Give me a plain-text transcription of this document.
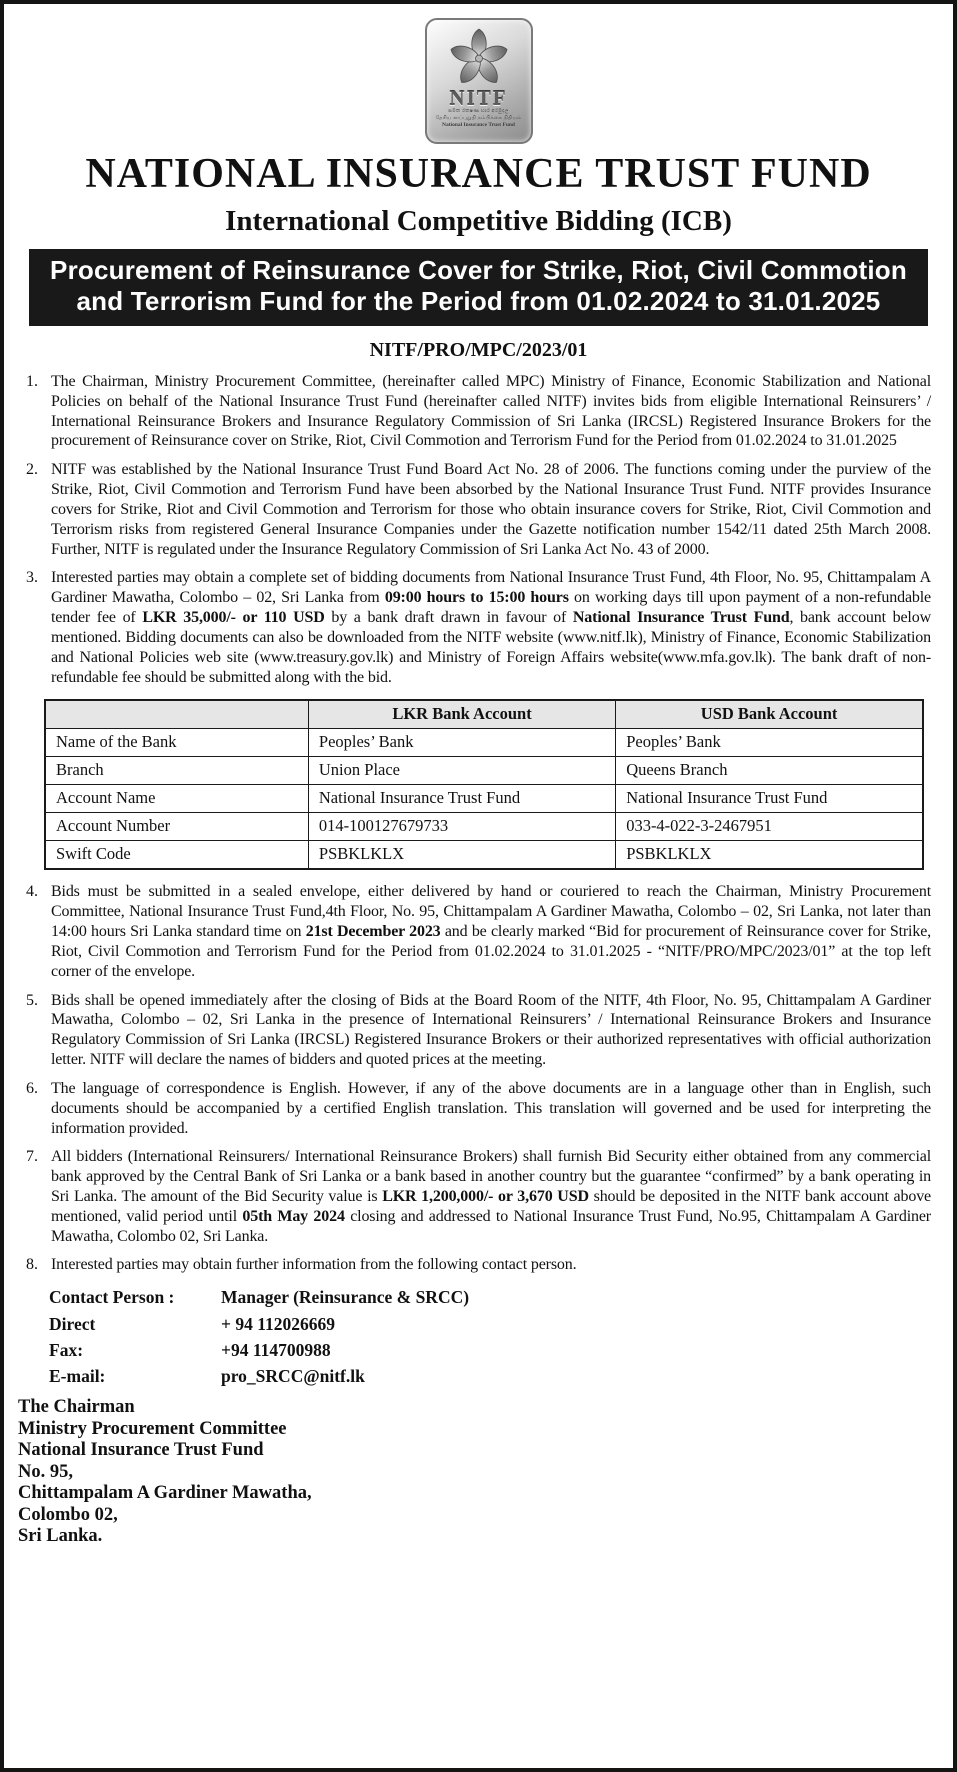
NITF
සමක රකෂණ භාර අරමුදල
தேசிய காப்புறுதி நம்பிக்கை நிதியம்
National Insurance Trust Fund
NATIONAL INSURANCE TRUST FUND
International Competitive Bidding (ICB)
Procurement of Reinsurance Cover for Strike, Riot, Civil Commotion
and Terrorism Fund for the Period from 01.02.2024 to 31.01.2025
NITF/PRO/MPC/2023/01
1. The Chairman, Ministry Procurement Committee, (hereinafter called MPC) Ministry of Finance, Economic Stabilization and National Policies on behalf of the National Insurance Trust Fund (hereinafter called NITF) invites bids from eligible International Reinsurers’ / International Reinsurance Brokers and Insurance Regulatory Commission of Sri Lanka (IRCSL) Registered Insurance Brokers for the procurement of Reinsurance cover on Strike, Riot, Civil Commotion and Terrorism Fund for the Period from 01.02.2024 to 31.01.2025
2. NITF was established by the National Insurance Trust Fund Board Act No. 28 of 2006. The functions coming under the purview of the Strike, Riot, Civil Commotion and Terrorism Fund have been absorbed by the National Insurance Trust Fund. NITF provides Insurance covers for Strike, Riot and Civil Commotion and Terrorism for those who obtain insurance covers for Strike, Riot, Civil Commotion and Terrorism risks from registered General Insurance Companies under the Gazette notification number 1542/11 dated 25th March 2008. Further, NITF is regulated under the Insurance Regulatory Commission of Sri Lanka Act No. 43 of 2000.
3. Interested parties may obtain a complete set of bidding documents from National Insurance Trust Fund, 4th Floor, No. 95, Chittampalam A Gardiner Mawatha, Colombo – 02, Sri Lanka from 09:00 hours to 15:00 hours on working days till upon payment of a non-refundable tender fee of LKR 35,000/- or 110 USD by a bank draft drawn in favour of National Insurance Trust Fund, bank account below mentioned. Bidding documents can also be downloaded from the NITF website (www.nitf.lk), Ministry of Finance, Economic Stabilization and National Policies web site (www.treasury.gov.lk) and Ministry of Foreign Affairs website(www.mfa.gov.lk). The bank draft of non-refundable fee should be submitted along with the bid.
	LKR Bank Account	USD Bank Account
Name of the Bank	Peoples’ Bank	Peoples’ Bank
Branch	Union Place	Queens Branch
Account Name	National Insurance Trust Fund	National Insurance Trust Fund
Account Number	014-100127679733	033-4-022-3-2467951
Swift Code	PSBKLKLX	PSBKLKLX
4. Bids must be submitted in a sealed envelope, either delivered by hand or couriered to reach the Chairman, Ministry Procurement Committee, National Insurance Trust Fund,4th Floor, No. 95, Chittampalam A Gardiner Mawatha, Colombo – 02, Sri Lanka, not later than 14:00 hours Sri Lanka standard time on 21st December 2023 and be clearly marked “Bid for procurement of Reinsurance cover for Strike, Riot, Civil Commotion and Terrorism Fund for the Period from 01.02.2024 to 31.01.2025 - “NITF/PRO/MPC/2023/01” at the top left corner of the envelope.
5. Bids shall be opened immediately after the closing of Bids at the Board Room of the NITF, 4th Floor, No. 95, Chittampalam A Gardiner Mawatha, Colombo – 02, Sri Lanka in the presence of International Reinsurers’ / International Reinsurance Brokers and Insurance Regulatory Commission of Sri Lanka (IRCSL) Registered Insurance Brokers or their authorized representatives with official authorization letter. NITF will declare the names of bidders and quoted prices at the meeting.
6. The language of correspondence is English. However, if any of the above documents are in a language other than in English, such documents should be accompanied by a certified English translation. This translation will governed and be used for interpreting the information provided.
7. All bidders (International Reinsurers/ International Reinsurance Brokers) shall furnish Bid Security either obtained from any commercial bank approved by the Central Bank of Sri Lanka or a bank based in another country but the guarantee “confirmed” by a bank operating in Sri Lanka. The amount of the Bid Security value is LKR 1,200,000/- or 3,670 USD should be deposited in the NITF bank account above mentioned, valid period until 05th May 2024 closing and addressed to National Insurance Trust Fund, No.95, Chittampalam A Gardiner Mawatha, Colombo 02, Sri Lanka.
8. Interested parties may obtain further information from the following contact person.
Contact Person :	Manager (Reinsurance & SRCC)
Direct	+ 94 112026669
Fax:	+94 114700988
E-mail:	pro_SRCC@nitf.lk
The Chairman
Ministry Procurement Committee
National Insurance Trust Fund
No. 95,
Chittampalam A Gardiner Mawatha,
Colombo 02,
Sri Lanka.
